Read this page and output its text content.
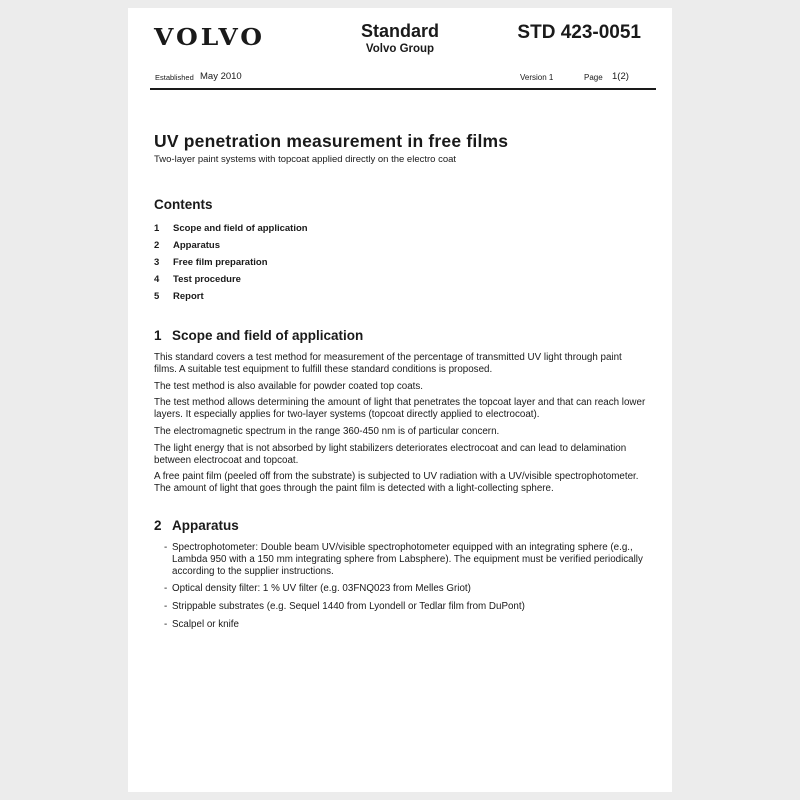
VOLVO	Standard
Volvo Group
STD 423-0051
Established May 2010	Version 1	Page 1(2)
UV penetration measurement in free films
Two-layer paint systems with topcoat applied directly on the electro coat
Contents
1	Scope and field of application
2	Apparatus
3	Free film preparation
4	Test procedure
5	Report
1 Scope and field of application

This standard covers a test method for measurement of the percentage of transmitted UV light through paint films. A suitable test equipment to fulfill these standard conditions is proposed.

The test method is also available for powder coated top coats.

The test method allows determining the amount of light that penetrates the topcoat layer and that can reach lower layers. It especially applies for two-layer systems (topcoat directly applied to electrocoat).

The electromagnetic spectrum in the range 360-450 nm is of particular concern.

The light energy that is not absorbed by light stabilizers deteriorates electrocoat and can lead to delamination between electrocoat and topcoat.

A free paint film (peeled off from the substrate) is subjected to UV radiation with a UV/visible spectrophotometer. The amount of light that goes through the paint film is detected with a light-collecting sphere.

2 Apparatus
- Spectrophotometer: Double beam UV/visible spectrophotometer equipped with an integrating sphere (e.g., Lambda 950 with a 150 mm integrating sphere from Labsphere). The equipment must be verified periodically according to the supplier instructions.
- Optical density filter: 1 % UV filter (e.g. 03FNQ023 from Melles Griot)
- Strippable substrates (e.g. Sequel 1440 from Lyondell or Tedlar film from DuPont)
- Scalpel or knife
